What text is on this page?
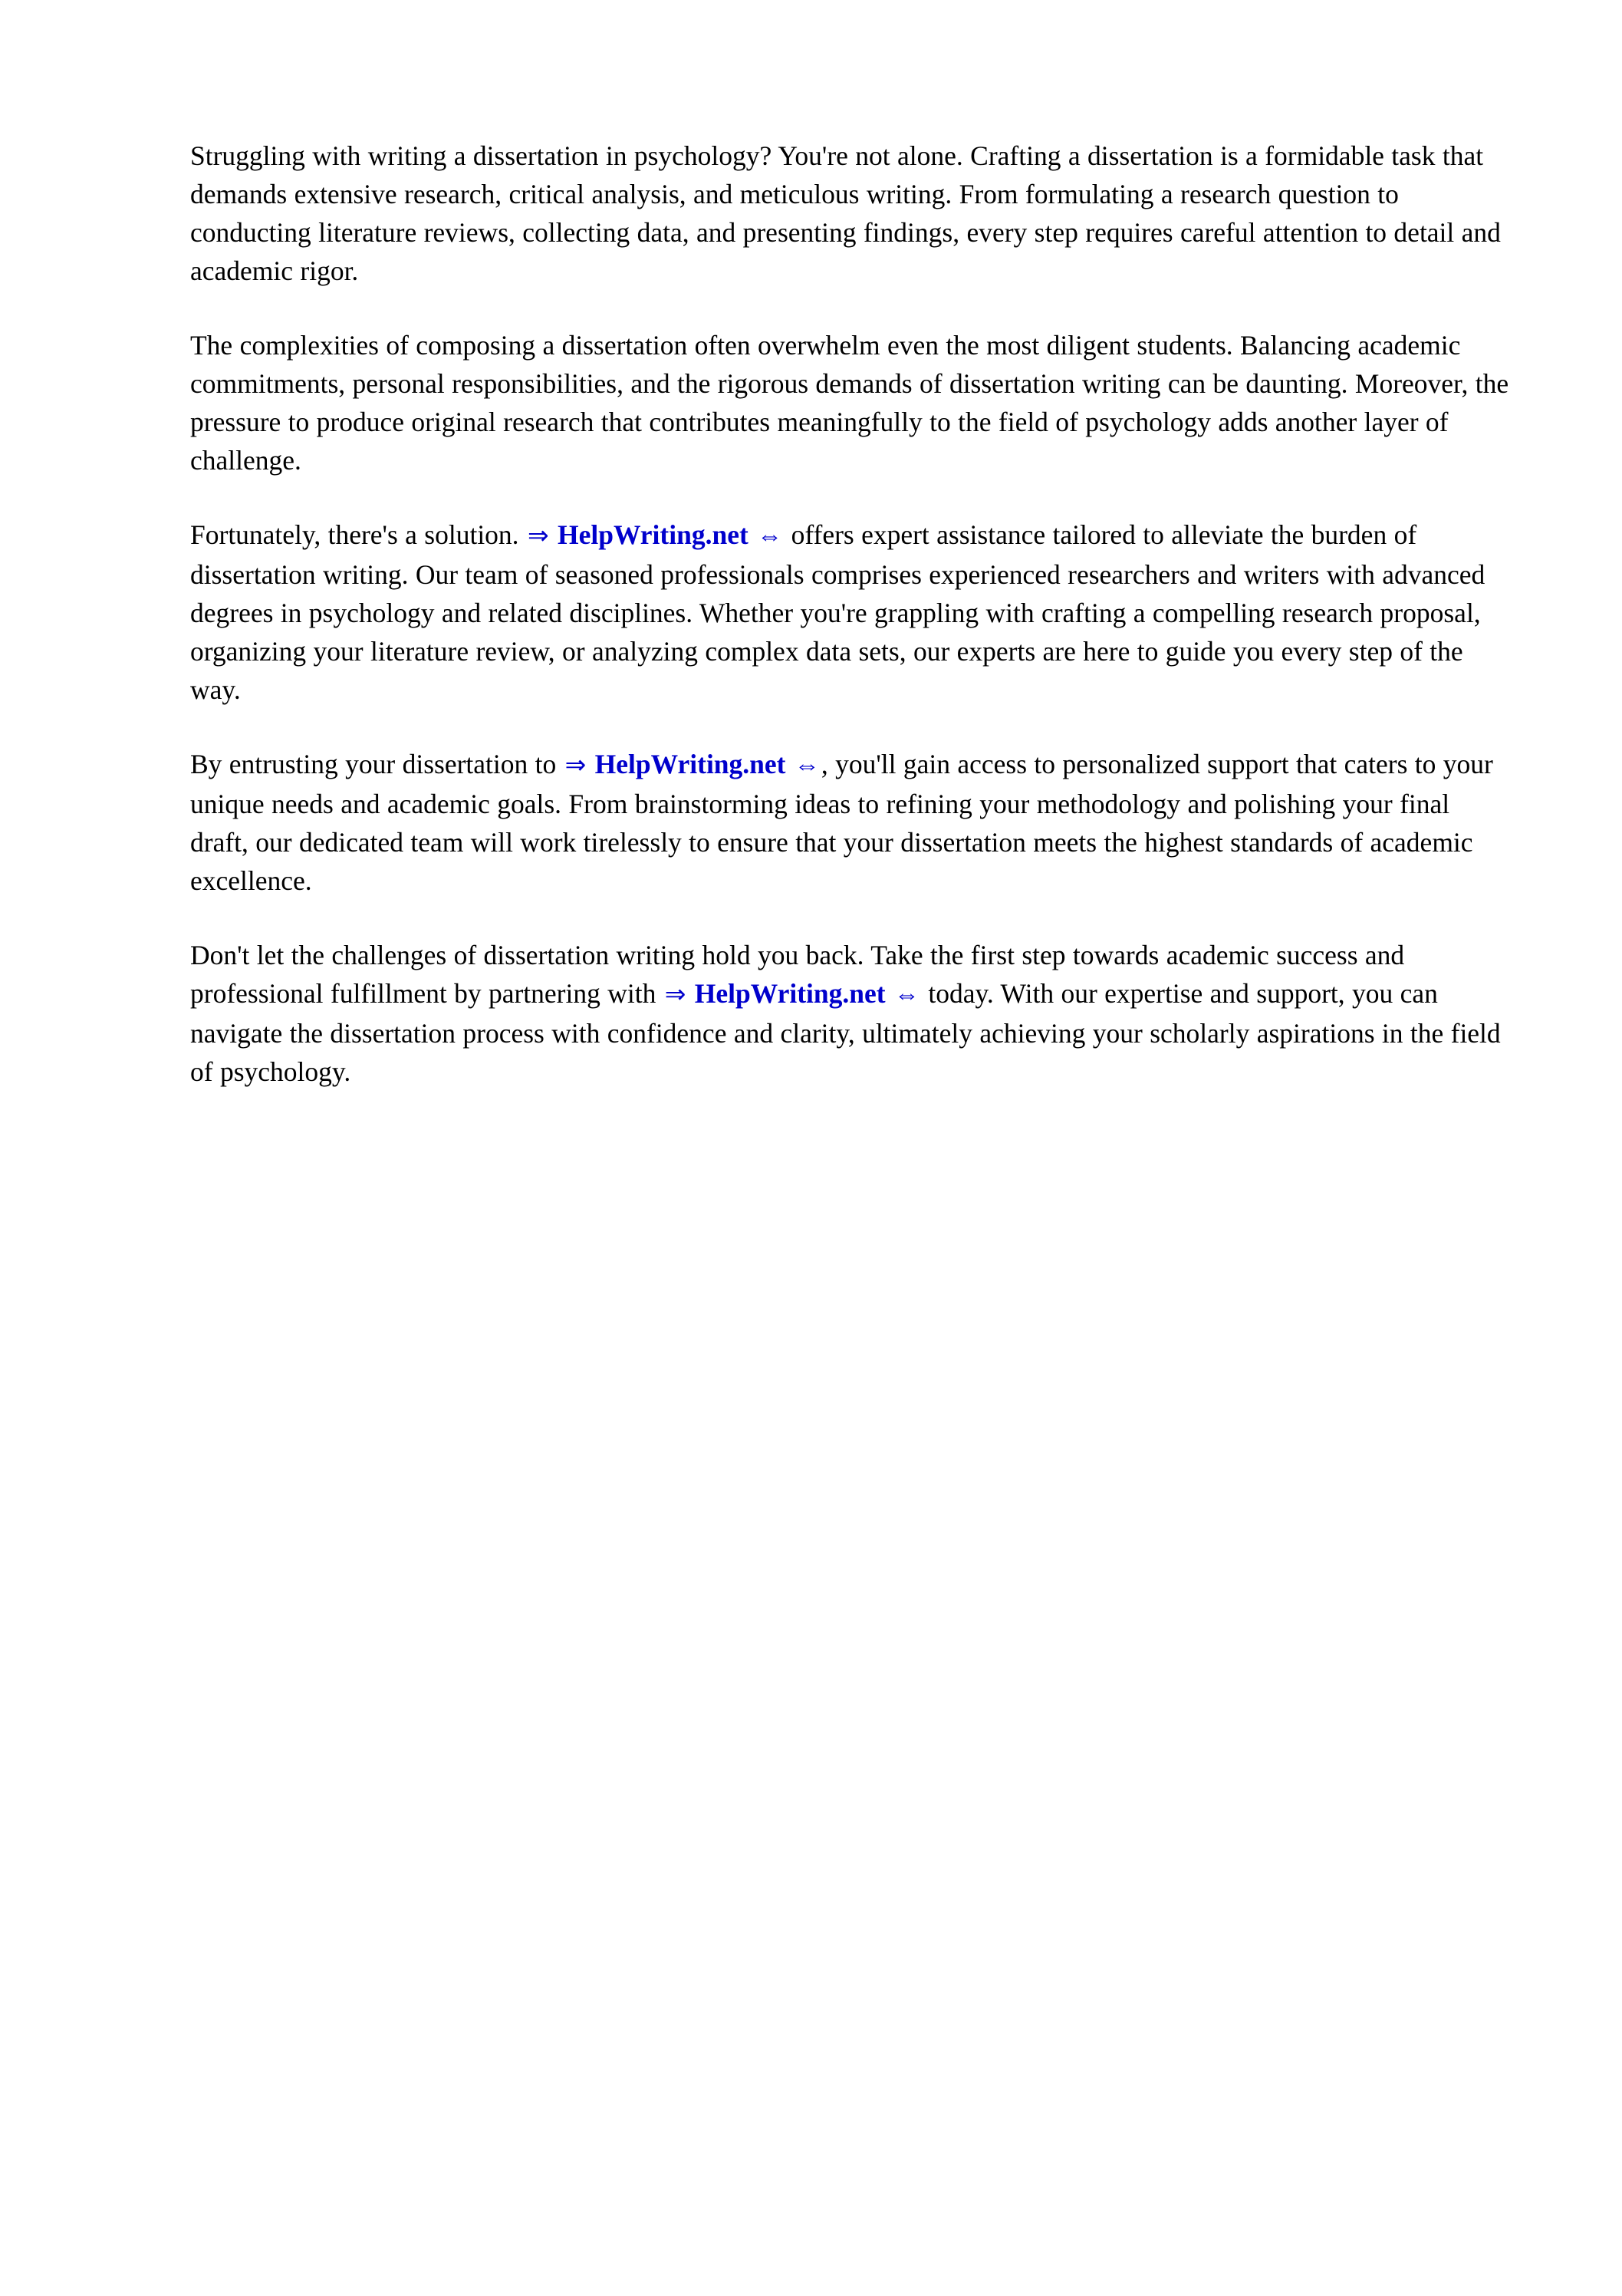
Struggling with writing a dissertation in psychology? You're not alone. Crafting a dissertation is a formidable task that demands extensive research, critical analysis, and meticulous writing. From formulating a research question to conducting literature reviews, collecting data, and presenting findings, every step requires careful attention to detail and academic rigor.

The complexities of composing a dissertation often overwhelm even the most diligent students. Balancing academic commitments, personal responsibilities, and the rigorous demands of dissertation writing can be daunting. Moreover, the pressure to produce original research that contributes meaningfully to the field of psychology adds another layer of challenge.

Fortunately, there's a solution. ⇒ HelpWriting.net ⇔ offers expert assistance tailored to alleviate the burden of dissertation writing. Our team of seasoned professionals comprises experienced researchers and writers with advanced degrees in psychology and related disciplines. Whether you're grappling with crafting a compelling research proposal, organizing your literature review, or analyzing complex data sets, our experts are here to guide you every step of the way.

By entrusting your dissertation to ⇒ HelpWriting.net ⇔, you'll gain access to personalized support that caters to your unique needs and academic goals. From brainstorming ideas to refining your methodology and polishing your final draft, our dedicated team will work tirelessly to ensure that your dissertation meets the highest standards of academic excellence.

Don't let the challenges of dissertation writing hold you back. Take the first step towards academic success and professional fulfillment by partnering with ⇒ HelpWriting.net ⇔ today. With our expertise and support, you can navigate the dissertation process with confidence and clarity, ultimately achieving your scholarly aspirations in the field of psychology.
